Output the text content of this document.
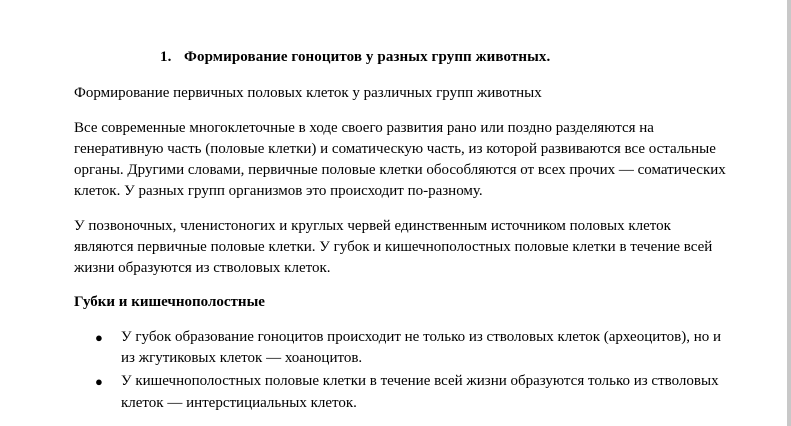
1. Формирование гоноцитов у разных групп животных.
Формирование первичных половых клеток у различных групп животных
Все современные многоклеточные в ходе своего развития рано или поздно разделяются на
генеративную часть (половые клетки) и соматическую часть, из которой развиваются все остальные
органы. Другими словами, первичные половые клетки обособляются от всех прочих — соматических
клеток. У разных групп организмов это происходит по-разному.
У позвоночных, членистоногих и круглых червей единственным источником половых клеток
являются первичные половые клетки. У губок и кишечнополостных половые клетки в течение всей
жизни образуются из стволовых клеток.
Губки и кишечнополостные
● У губок образование гоноцитов происходит не только из стволовых клеток (археоцитов), но и
из жгутиковых клеток — хоаноцитов.
● У кишечнополостных половые клетки в течение всей жизни образуются только из стволовых
клеток — интерстициальных клеток.
